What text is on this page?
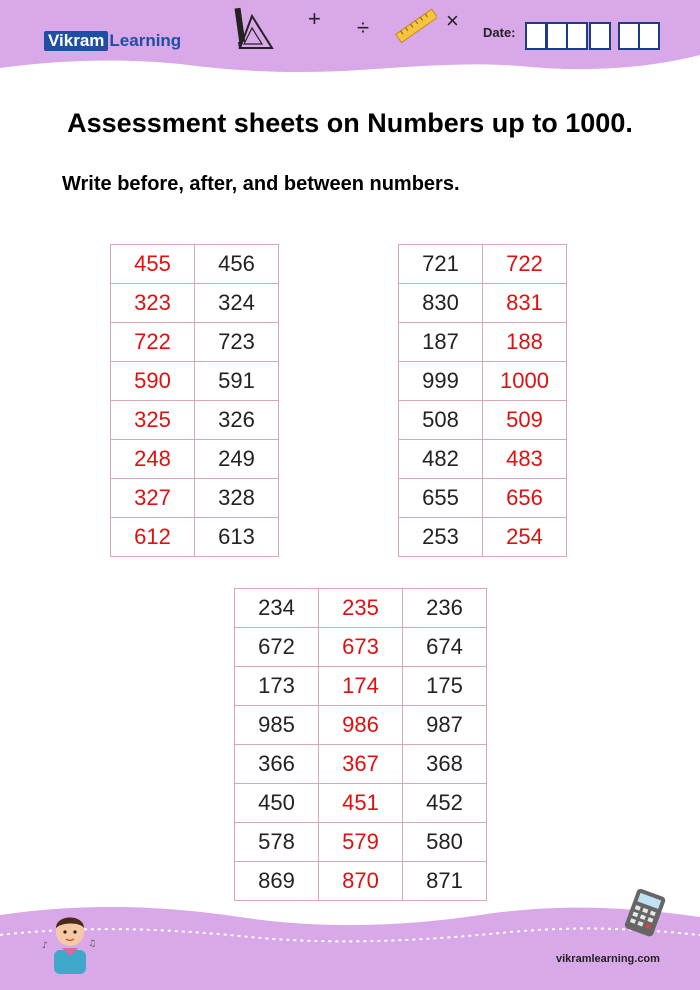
Vikram Learning
+ ÷	× Date:
Assessment sheets on Numbers up to 1000.
Write before, after, and between numbers.
455	456
323	324
722	723
590	591
325	326
248	249
327	328
612	613
721	722
830	831
187	188
999	1000
508	509
482	483
655	656
253	254
234	235	236
672	673	674
173	174	175
985	986	987
366	367	368
450	451	452
578	579	580
869	870	871
♪	♫
vikramlearning.com
